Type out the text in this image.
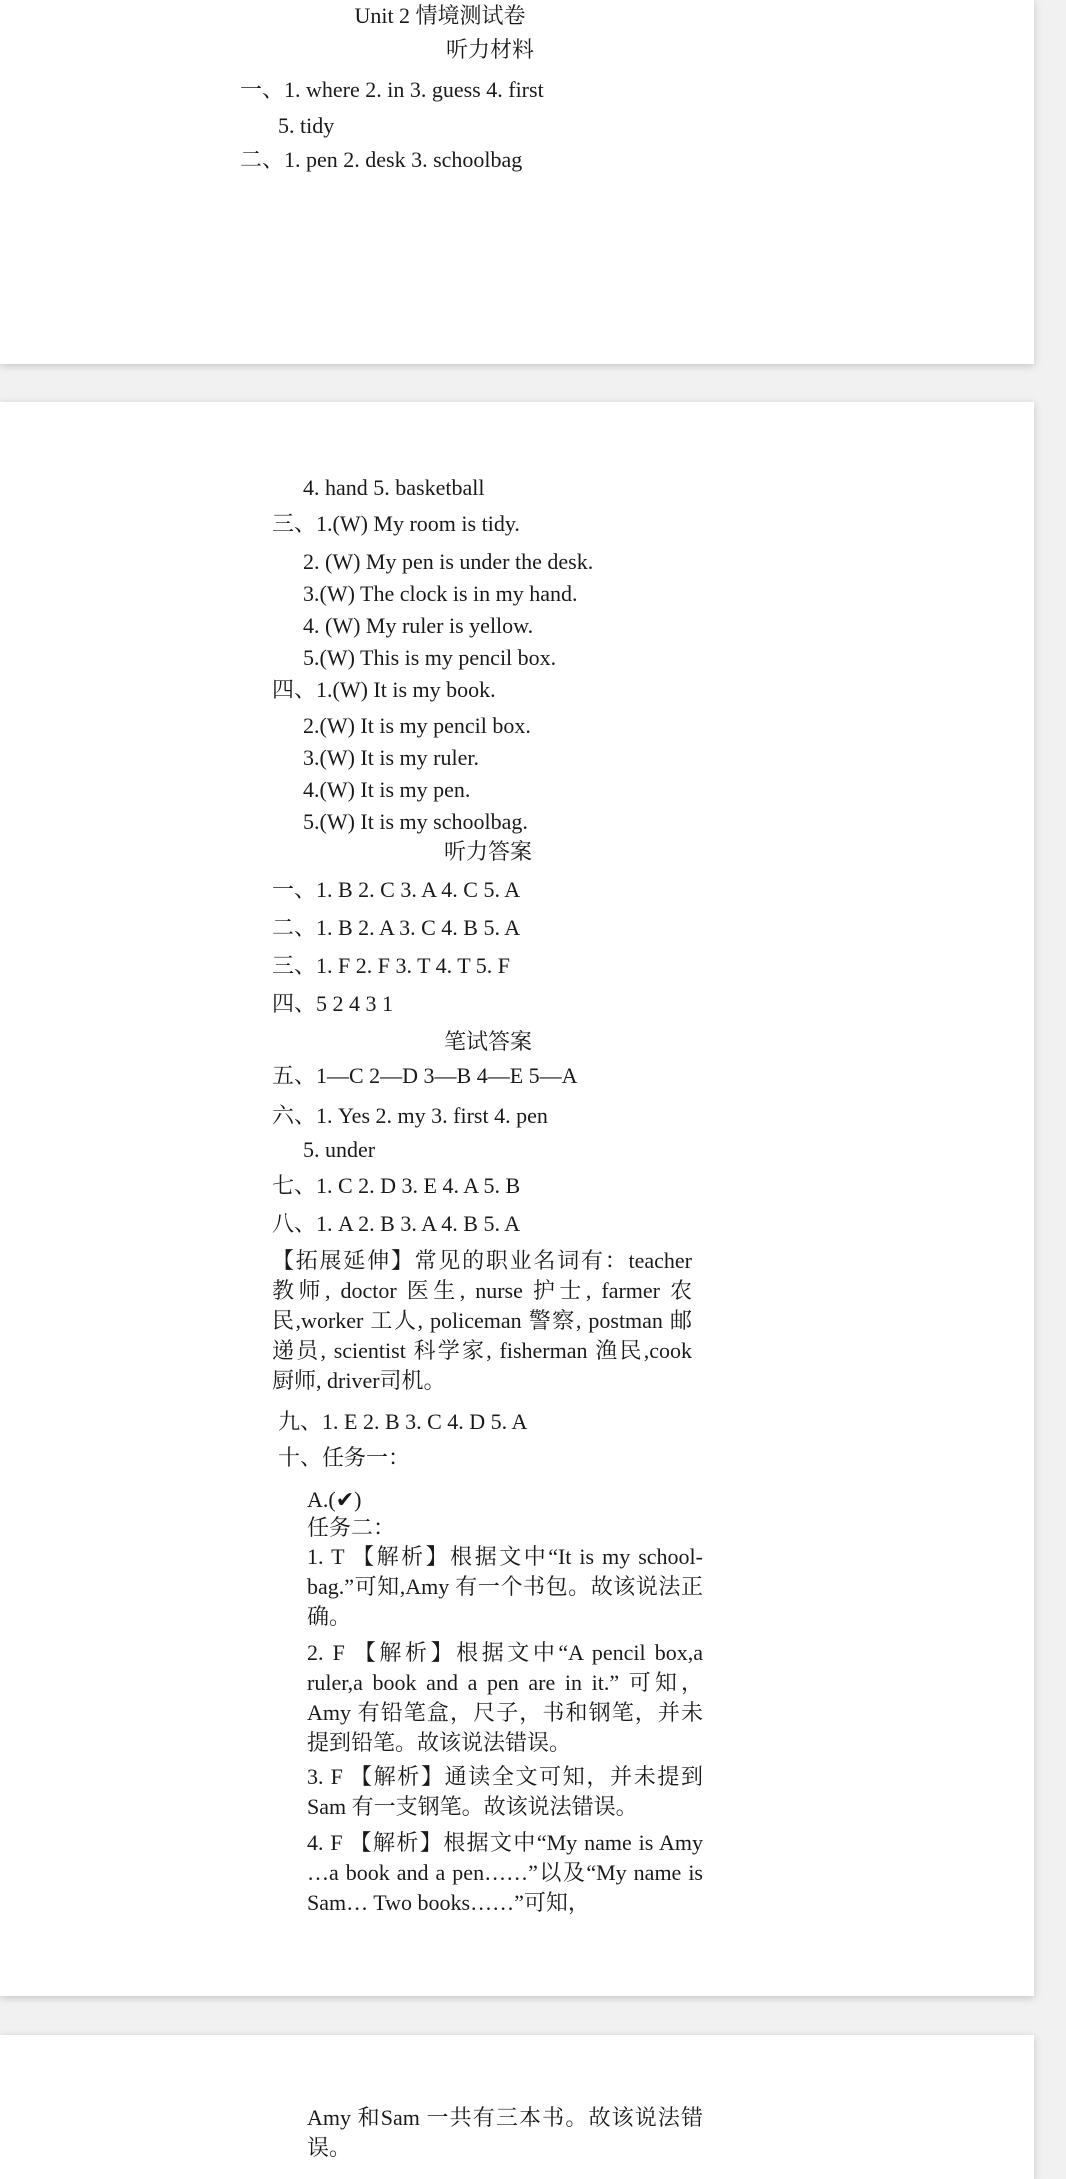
Unit 2 情境测试卷
听力材料
一、1. where 2. in 3. guess 4. first
5. tidy
二、1. pen 2. desk 3. schoolbag
4. hand 5. basketball
三、1.(W) My room is tidy.
2. (W) My pen is under the desk.
3.(W) The clock is in my hand.
4. (W) My ruler is yellow.
5.(W) This is my pencil box.
四、1.(W) It is my book.
2.(W) It is my pencil box.
3.(W) It is my ruler.
4.(W) It is my pen.
5.(W) It is my schoolbag.
听力答案
一、1. B 2. C 3. A 4. C 5. A
二、1. B 2. A 3. C 4. B 5. A
三、1. F 2. F 3. T 4. T 5. F
四、5 2 4 3 1
笔试答案
五、1—C 2—D 3—B 4—E 5—A
六、1. Yes 2. my 3. first 4. pen
5. under
七、1. C 2. D 3. E 4. A 5. B
八、1. A 2. B 3. A 4. B 5. A
【拓展延伸】常见的职业名词有：teacher 教师, doctor 医生, nurse 护士, farmer 农民,worker 工人, policeman 警察, postman 邮递员, scientist 科学家, fisherman 渔民,cook 厨师, driver司机。
九、1. E 2. B 3. C 4. D 5. A
十、任务一：
A.(✔)
任务二：
1. T 【解析】根据文中“It is my school-bag.”可知,Amy 有一个书包。故该说法正确。
2. F 【解析】根据文中“A pencil box,a ruler,a book and a pen are in it.” 可知，Amy 有铅笔盒，尺子，书和钢笔，并未提到铅笔。故该说法错误。
3. F 【解析】通读全文可知，并未提到Sam 有一支钢笔。故该说法错误。
4. F 【解析】根据文中“My name is Amy …a book and a pen……”以及“My name is Sam… Two books……”可知，
Amy 和Sam 一共有三本书。故该说法错误。
